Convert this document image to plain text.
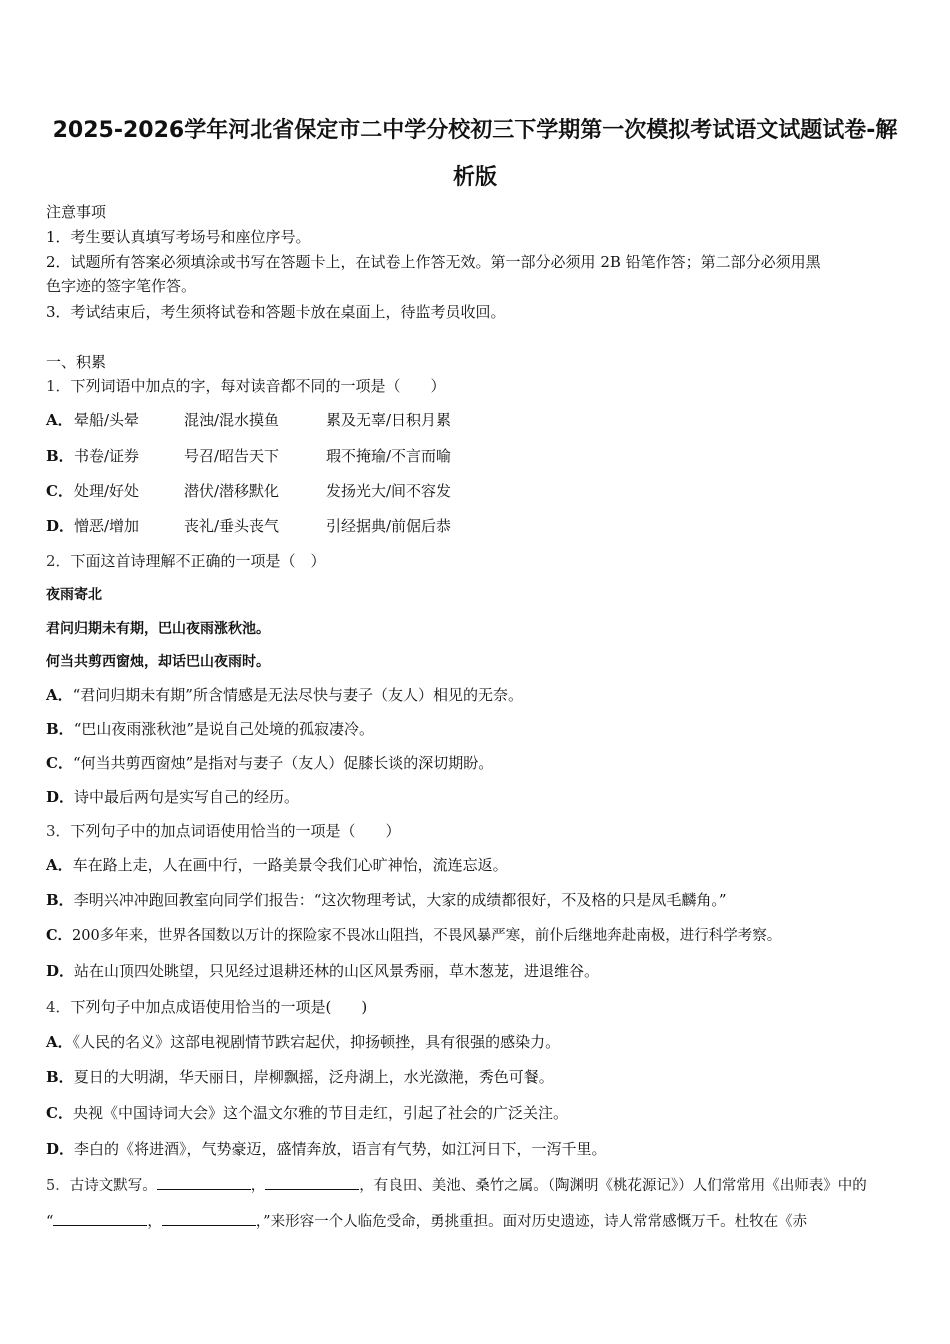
2025-2026学年河北省保定市二中学分校初三下学期第一次模拟考试语文试题试卷-解
析版
注意事项
1．考生要认真填写考场号和座位序号。
2．试题所有答案必须填涂或书写在答题卡上，在试卷上作答无效。第一部分必须用 2B 铅笔作答；第二部分必须用黑
色字迹的签字笔作答。
3．考试结束后，考生须将试卷和答题卡放在桌面上，待监考员收回。
一、积累
1．下列词语中加点的字，每对读音都不同的一项是（　　）
A． 晕船/头晕	混浊/混水摸鱼	累及无辜/日积月累
B． 书卷/证券	号召/昭告天下	瑕不掩瑜/不言而喻
C． 处理/好处	潜伏/潜移默化	发扬光大/间不容发
D． 憎恶/增加	丧礼/垂头丧气	引经据典/前倨后恭
2．下面这首诗理解不正确的一项是（　）
夜雨寄北
君问归期未有期，巴山夜雨涨秋池。
何当共剪西窗烛，却话巴山夜雨时。
A．“君问归期未有期”所含情感是无法尽快与妻子（友人）相见的无奈。
B．“巴山夜雨涨秋池”是说自己处境的孤寂凄冷。
C．“何当共剪西窗烛”是指对与妻子（友人）促膝长谈的深切期盼。
D．诗中最后两句是实写自己的经历。
3．下列句子中的加点词语使用恰当的一项是（　　）
A．车在路上走，人在画中行，一路美景令我们心旷神怡，流连忘返。
B．李明兴冲冲跑回教室向同学们报告：“这次物理考试，大家的成绩都很好，不及格的只是凤毛麟角。”
C．200多年来，世界各国数以万计的探险家不畏冰山阻挡，不畏风暴严寒，前仆后继地奔赴南极，进行科学考察。
D．站在山顶四处眺望，只见经过退耕还林的山区风景秀丽，草木葱茏，进退维谷。
4．下列句子中加点成语使用恰当的一项是(　　)
A．《人民的名义》这部电视剧情节跌宕起伏，抑扬顿挫，具有很强的感染力。
B．夏日的大明湖，华天丽日，岸柳飘摇，泛舟湖上，水光潋滟，秀色可餐。
C．央视《中国诗词大会》这个温文尔雅的节目走红，引起了社会的广泛关注。
D．李白的《将进酒》，气势豪迈，盛情奔放，语言有气势，如江河日下，一泻千里。
5．古诗文默写。	，	，有良田、美池、桑竹之属。（陶渊明《桃花源记》）人们常常用《出师表》中的
“	，	，”来形容一个人临危受命，勇挑重担。面对历史遗迹，诗人常常感慨万千。杜牧在《赤
